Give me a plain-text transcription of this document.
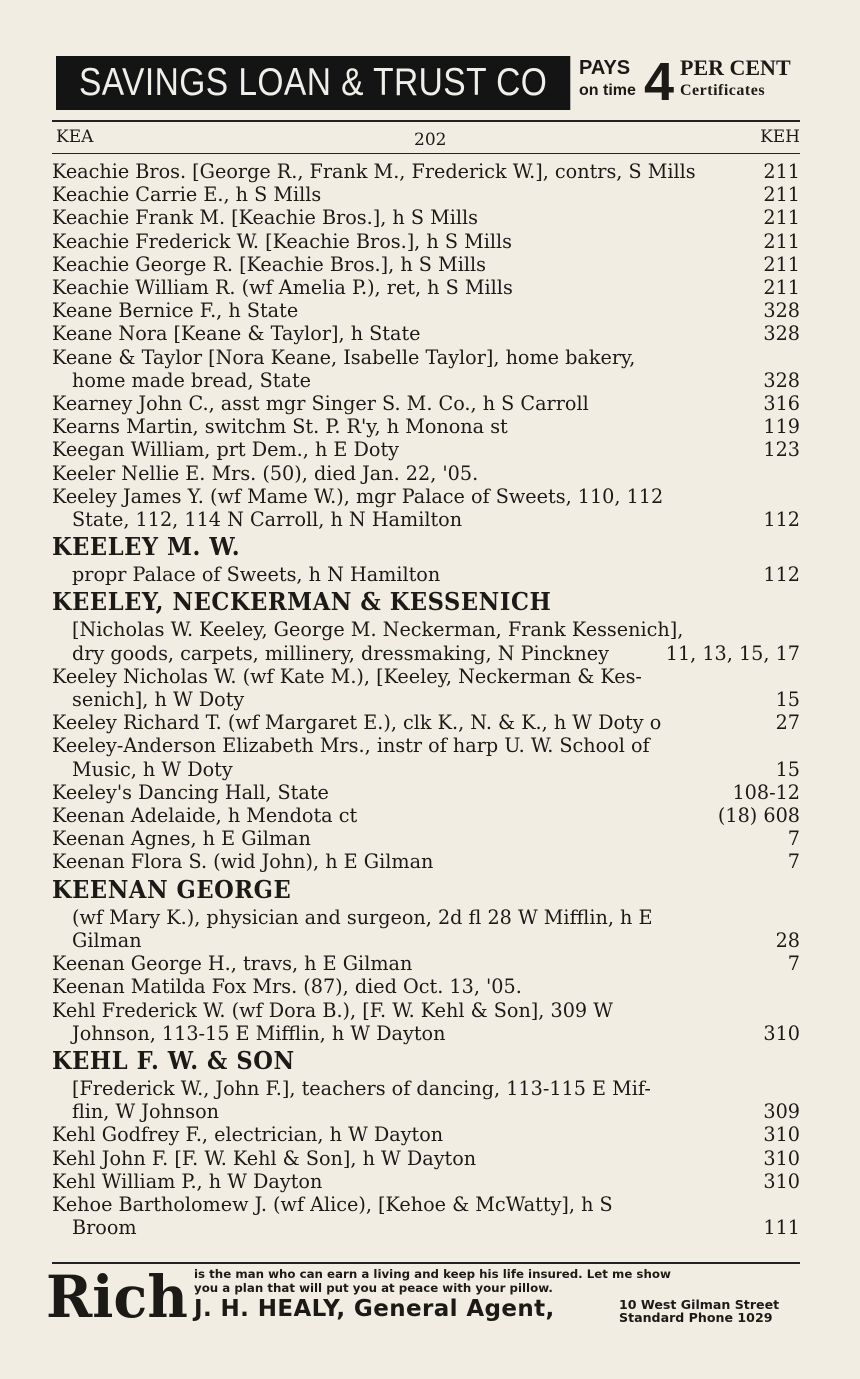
SAVINGS LOAN & TRUST CO	PAYS
on time 4 PER CENT
Certificates
KEA	202	KEH
Keachie Bros. [George R., Frank M., Frederick W.], contrs, S Mills	211
Keachie Carrie E., h S Mills	211
Keachie Frank M. [Keachie Bros.], h S Mills	211
Keachie Frederick W. [Keachie Bros.], h S Mills	211
Keachie George R. [Keachie Bros.], h S Mills	211
Keachie William R. (wf Amelia P.), ret, h S Mills	211
Keane Bernice F., h State	328
Keane Nora [Keane & Taylor], h State	328
Keane & Taylor [Nora Keane, Isabelle Taylor], home bakery,
home made bread, State	328
Kearney John C., asst mgr Singer S. M. Co., h S Carroll	316
Kearns Martin, switchm St. P. R'y, h Monona st	119
Keegan William, prt Dem., h E Doty	123
Keeler Nellie E. Mrs. (50), died Jan. 22, '05.
Keeley James Y. (wf Mame W.), mgr Palace of Sweets, 110, 112
State, 112, 114 N Carroll, h N Hamilton	112
KEELEY M. W.
propr Palace of Sweets, h N Hamilton	112
KEELEY, NECKERMAN & KESSENICH
[Nicholas W. Keeley, George M. Neckerman, Frank Kessenich],
dry goods, carpets, millinery, dressmaking, N Pinckney	11, 13, 15, 17
Keeley Nicholas W. (wf Kate M.), [Keeley, Neckerman & Kes-
senich], h W Doty	15
Keeley Richard T. (wf Margaret E.), clk K., N. & K., h W Doty o	27
Keeley-Anderson Elizabeth Mrs., instr of harp U. W. School of
Music, h W Doty	15
Keeley's Dancing Hall, State	108-12
Keenan Adelaide, h Mendota ct	(18) 608
Keenan Agnes, h E Gilman	7
Keenan Flora S. (wid John), h E Gilman	7
KEENAN GEORGE
(wf Mary K.), physician and surgeon, 2d fl 28 W Mifflin, h E
Gilman	28
Keenan George H., travs, h E Gilman	7
Keenan Matilda Fox Mrs. (87), died Oct. 13, '05.
Kehl Frederick W. (wf Dora B.), [F. W. Kehl & Son], 309 W
Johnson, 113-15 E Mifflin, h W Dayton	310
KEHL F. W. & SON
[Frederick W., John F.], teachers of dancing, 113-115 E Mif-
flin, W Johnson	309
Kehl Godfrey F., electrician, h W Dayton	310
Kehl John F. [F. W. Kehl & Son], h W Dayton	310
Kehl William P., h W Dayton	310
Kehoe Bartholomew J. (wf Alice), [Kehoe & McWatty], h S
Broom	111
Rich is the man who can earn a living and keep his life insured. Let me show
you a plan that will put you at peace with your pillow.
J. H. HEALY, General Agent,	10 West Gilman Street
Standard Phone 1029
